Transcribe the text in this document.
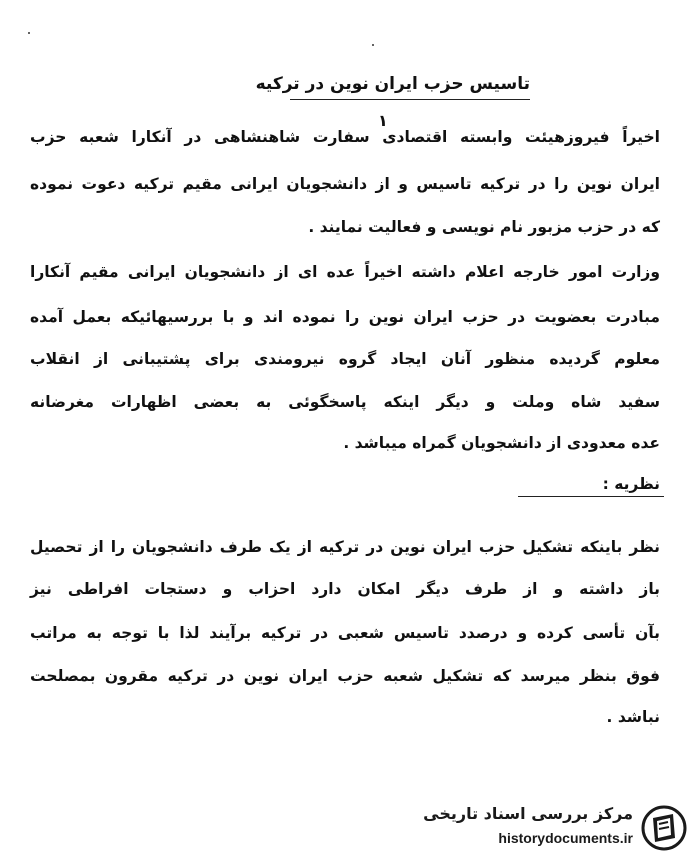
تاسیس حزب ایران نوین در ترکیه
۱
اخیراً فیروزهیئت وابسته اقتصادی سفارت شاهنشاهی در آنکارا شعبه حزب
ایران نوین را در ترکیه تاسیس و از دانشجویان ایرانی مقیم ترکیه دعوت نموده
که در حزب مزبور نام نویسی و فعالیت نمایند .
وزارت امور خارجه اعلام داشته اخیراً عده ای از دانشجویان ایرانی مقیم آنکارا
مبادرت بعضویت در حزب ایران نوین را نموده اند و با بررسیهائیکه بعمل آمده
معلوم گردیده منظور آنان ایجاد گروه نیرومندی برای پشتیبانی از انقلاب
سفید شاه وملت و دیگر اینکه پاسخگوئی به بعضی اظهارات مغرضانه
عده معدودی از دانشجویان گمراه میباشد .
نظریه :
نظر باینکه تشکیل حزب ایران نوین در ترکیه از یک طرف دانشجویان را از تحصیل
باز داشته و از طرف دیگر امکان دارد احزاب و دستجات افراطی نیز
بآن تأسی کرده و درصدد تاسیس شعبی در ترکیه برآیند لذا با توجه به مراتب
فوق بنظر میرسد که تشکیل شعبه حزب ایران نوین در ترکیه مقرون بمصلحت
نباشد .
مرکز بررسی اسناد تاریخی
historydocuments.ir
